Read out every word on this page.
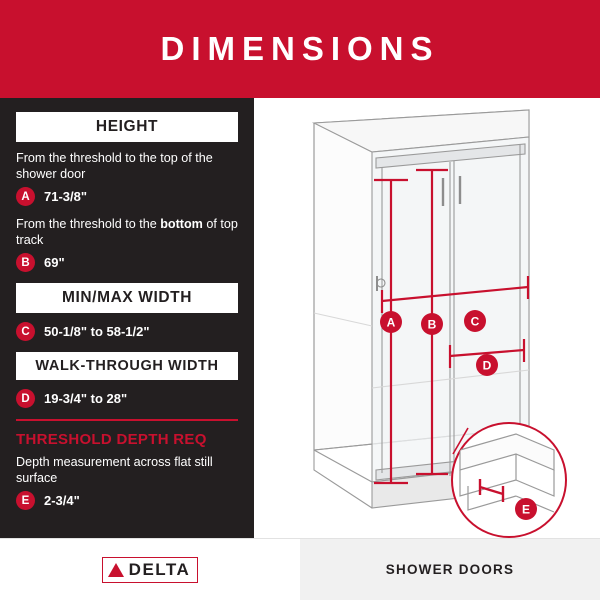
DIMENSIONS
HEIGHT
From the threshold to the top of the shower door
A	71-3/8"
From the threshold to the bottom of top track
B	69"
MIN/MAX WIDTH
C	50-1/8" to 58-1/2"
WALK-THROUGH WIDTH
D	19-3/4" to 28"
THRESHOLD DEPTH REQ
Depth measurement across flat still surface
E	2-3/4"
A	B	C
D
E
DELTA	SHOWER DOORS
